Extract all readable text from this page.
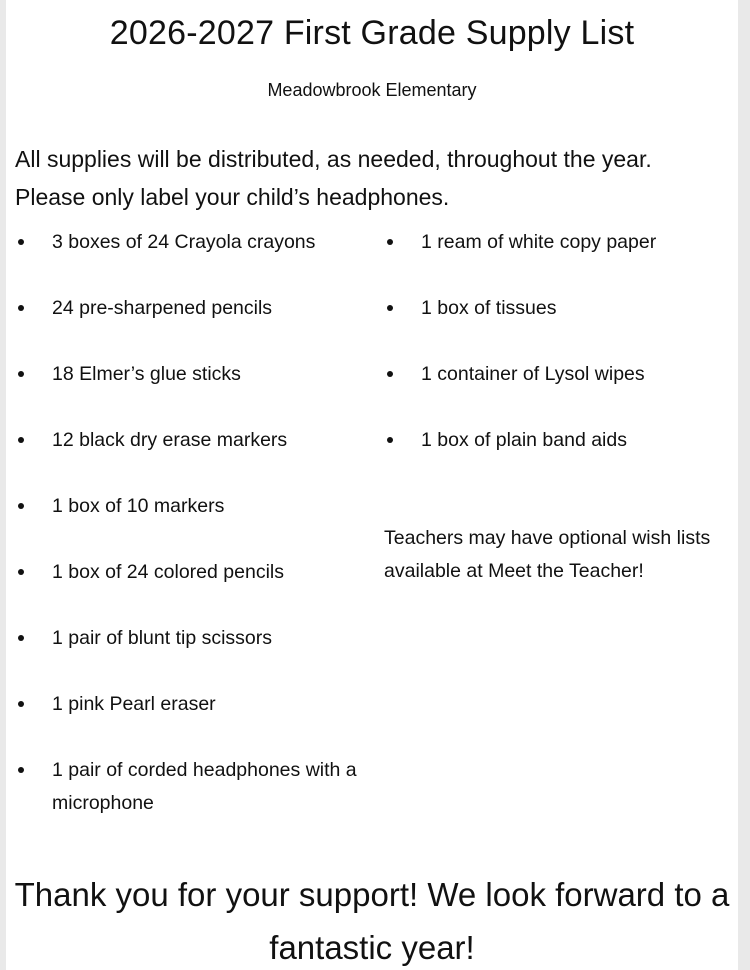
2026-2027 First Grade Supply List
Meadowbrook Elementary
All supplies will be distributed, as needed, throughout the year.
Please only label your child’s headphones.
3 boxes of 24 Crayola crayons
24 pre-sharpened pencils
18 Elmer’s glue sticks
12 black dry erase markers
1 box of 10 markers
1 box of 24 colored pencils
1 pair of blunt tip scissors
1 pink Pearl eraser
1 pair of corded headphones with a microphone
1 ream of white copy paper
1 box of tissues
1 container of Lysol wipes
1 box of plain band aids
Teachers may have optional wish lists available at Meet the Teacher!
Thank you for your support! We look forward to a fantastic year!
